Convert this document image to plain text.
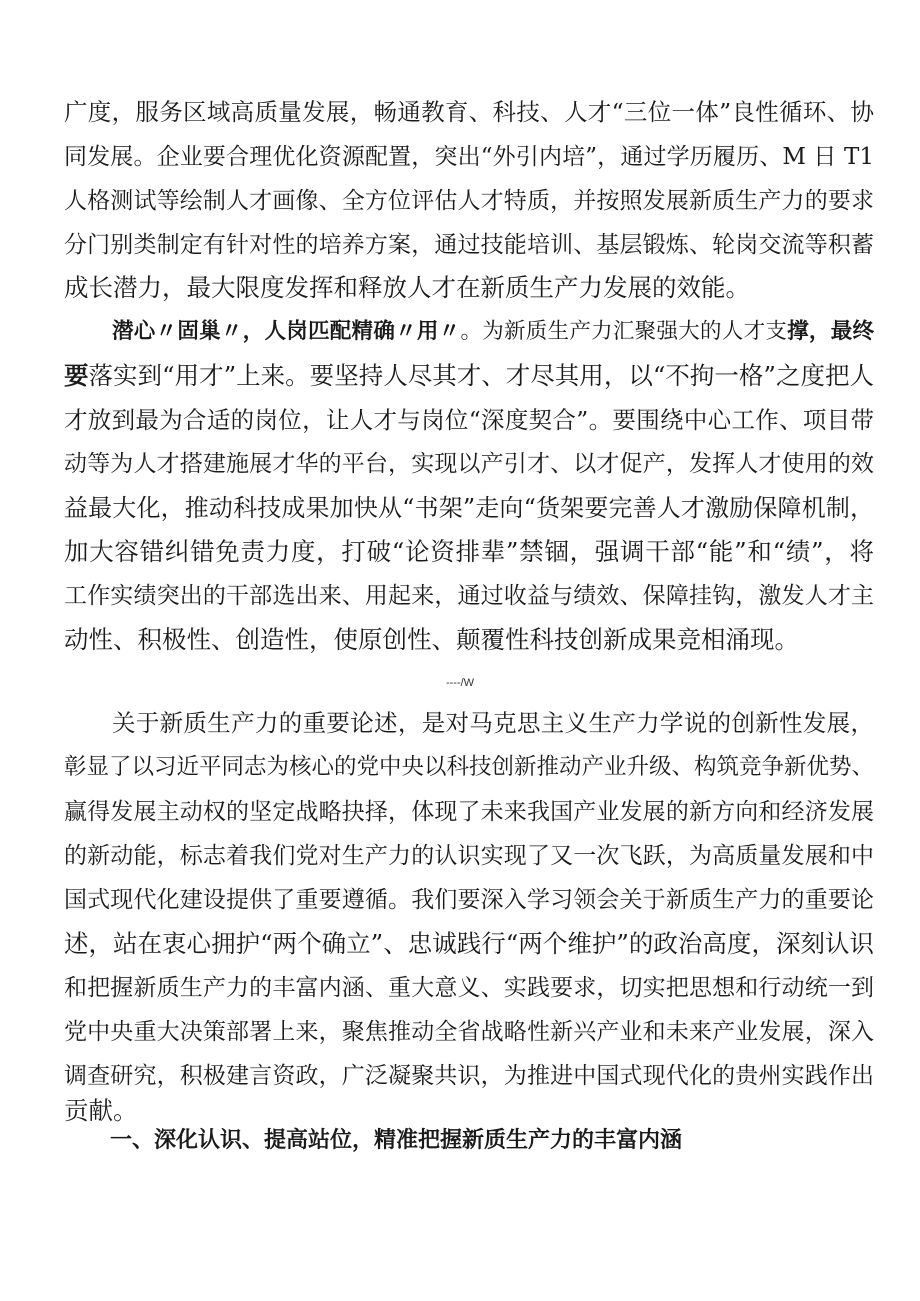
广度，服务区域高质量发展，畅通教育、科技、人才“三位一体”良性循环、协
同发展。企业要合理优化资源配置，突出“外引内培”，通过学历履历、M 日 T1
人格测试等绘制人才画像、全方位评估人才特质，并按照发展新质生产力的要求
分门别类制定有针对性的培养方案，通过技能培训、基层锻炼、轮岗交流等积蓄
成长潜力，最大限度发挥和释放人才在新质生产力发展的效能。
潜心〃固巢〃，人岗匹配精确〃用〃。为新质生产力汇聚强大的人才支撑，最终
要落实到“用才”上来。要坚持人尽其才、才尽其用，以“不拘一格”之度把人
才放到最为合适的岗位，让人才与岗位“深度契合”。要围绕中心工作、项目带
动等为人才搭建施展才华的平台，实现以产引才、以才促产，发挥人才使用的效
益最大化，推动科技成果加快从“书架”走向“货架要完善人才激励保障机制，
加大容错纠错免责力度，打破“论资排辈”禁锢，强调干部“能”和“绩”，将
工作实绩突出的干部选出来、用起来，通过收益与绩效、保障挂钩，激发人才主
动性、积极性、创造性，使原创性、颠覆性科技创新成果竞相涌现。
----/W
关于新质生产力的重要论述，是对马克思主义生产力学说的创新性发展，
彰显了以习近平同志为核心的党中央以科技创新推动产业升级、构筑竞争新优势、
赢得发展主动权的坚定战略抉择，体现了未来我国产业发展的新方向和经济发展
的新动能，标志着我们党对生产力的认识实现了又一次飞跃，为高质量发展和中
国式现代化建设提供了重要遵循。我们要深入学习领会关于新质生产力的重要论
述，站在衷心拥护“两个确立”、忠诚践行“两个维护”的政治高度，深刻认识
和把握新质生产力的丰富内涵、重大意义、实践要求，切实把思想和行动统一到
党中央重大决策部署上来，聚焦推动全省战略性新兴产业和未来产业发展，深入
调查研究，积极建言资政，广泛凝聚共识，为推进中国式现代化的贵州实践作出
贡献。
一、深化认识、提高站位，精准把握新质生产力的丰富内涵
